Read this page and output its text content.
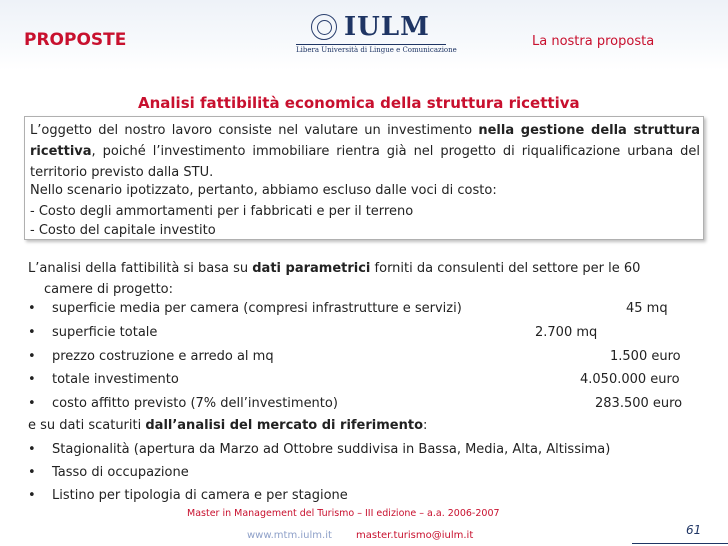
PROPOSTE	IULM
Libera Università di Lingue e Comunicazione
La nostra proposta
Analisi fattibilità economica della struttura ricettiva

L’oggetto del nostro lavoro consiste nel valutare un investimento nella gestione della struttura ricettiva, poiché l’investimento immobiliare rientra già nel progetto di riqualificazione urbana del territorio previsto dalla STU.

Nello scenario ipotizzato, pertanto, abbiamo escluso dalle voci di costo:
- Costo degli ammortamenti per i fabbricati e per il terreno
- Costo del capitale investito

L’analisi della fattibilità si basa su dati parametrici forniti da consulenti del settore per le 60
camere di progetto:

• superficie media per camera (compresi infrastrutture e servizi)	45 mq
• superficie totale	2.700 mq
• prezzo costruzione e arredo al mq	1.500 euro
• totale investimento	4.050.000 euro
• costo affitto previsto (7% dell’investimento)	283.500 euro
e su dati scaturiti dall’analisi del mercato di riferimento:
• Stagionalità (apertura da Marzo ad Ottobre suddivisa in Bassa, Media, Alta, Altissima)
• Tasso di occupazione
• Listino per tipologia di camera e per stagione
Master in Management del Turismo – III edizione – a.a. 2006-2007
www.mtm.iulm.it master.turismo@iulm.it	61
